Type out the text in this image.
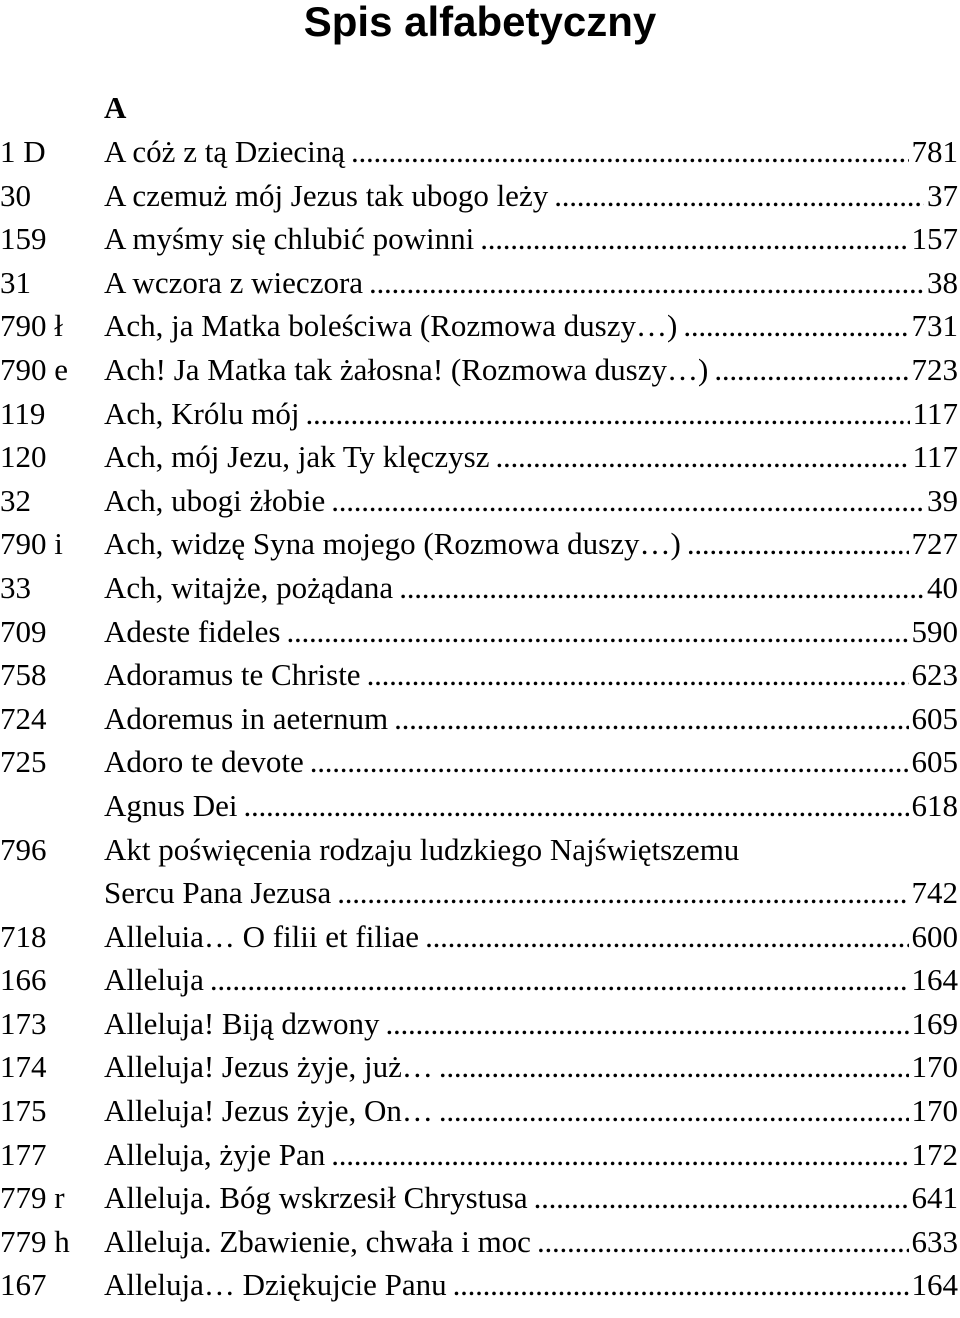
Spis alfabetyczny
A
1 D	A cóż z tą Dzieciną . . .	781
30	A czemuż mój Jezus tak ubogo leży . . .	37
159	A myśmy się chlubić powinni . . .	157
31	A wczora z wieczora . . .	38
790 ł	Ach, ja Matka boleściwa (Rozmowa duszy…) . . .	731
790 e	Ach! Ja Matka tak żałosna! (Rozmowa duszy…) . . .	723
119	Ach, Królu mój . . .	117
120	Ach, mój Jezu, jak Ty klęczysz . . .	117
32	Ach, ubogi żłobie . . .	39
790 i	Ach, widzę Syna mojego (Rozmowa duszy…) . . .	727
33	Ach, witajże, pożądana . . .	40
709	Adeste fideles . . .	590
758	Adoramus te Christe . . .	623
724	Adoremus in aeternum . . .	605
725	Adoro te devote . . .	605
Agnus Dei . . .	618
796	Akt poświęcenia rodzaju ludzkiego Najświętszemu
Sercu Pana Jezusa . . .	742
718	Alleluia… O filii et filiae . . .	600
166	Alleluja . . .	164
173	Alleluja! Biją dzwony . . .	169
174	Alleluja! Jezus żyje, już… . . .	170
175	Alleluja! Jezus żyje, On… . . .	170
177	Alleluja, żyje Pan . . .	172
779 r	Alleluja. Bóg wskrzesił Chrystusa . . .	641
779 h	Alleluja. Zbawienie, chwała i moc . . .	633
167	Alleluja… Dziękujcie Panu . . .	164
